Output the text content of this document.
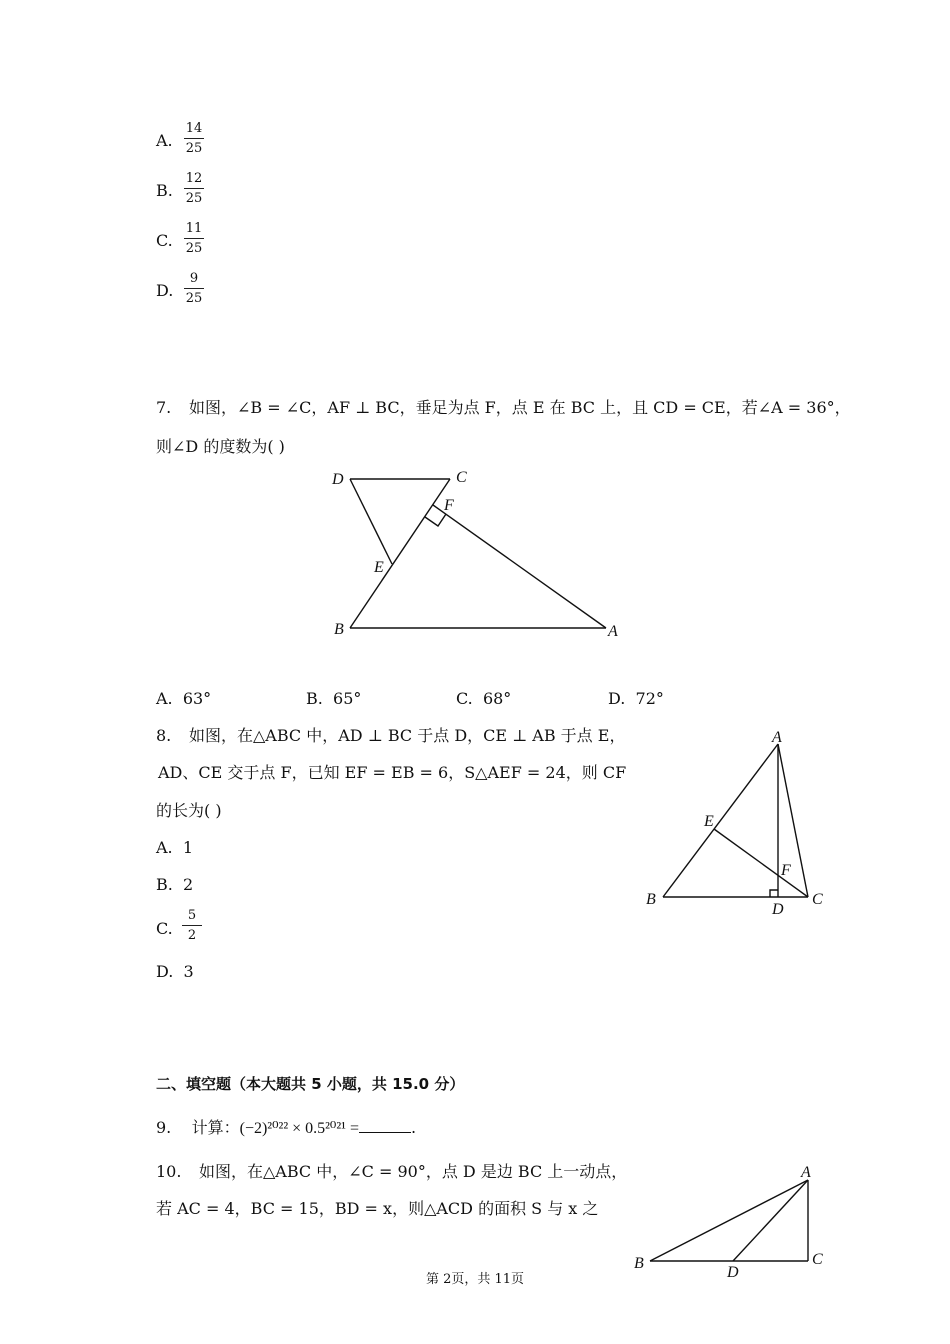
A.
14
25
B.
12
25
C.
11
25
D.
9
25
7. 如图，∠B = ∠C，AF ⊥ BC，垂足为点 F，点 E 在 BC 上，且 CD = CE，若∠A = 36°，
则∠D 的度数为( )
D	C
F
E
B	A
A. 63°	B. 65°	C. 68°	D. 72°
8. 如图，在△ABC 中，AD ⊥ BC 于点 D，CE ⊥ AB 于点 E，
AD、CE 交于点 F，已知 EF = EB = 6，S△AEF = 24，则 CF
的长为( )
A. 1
B. 2
C.
5
2
D. 3
A
E
F
B
D
C
二、填空题（本大题共 5 小题，共 15.0 分）
9. 计算：(−2)²⁰²² × 0.5²⁰²¹ =	.
10. 如图，在△ABC 中，∠C = 90°，点 D 是边 BC 上一动点，
若 AC = 4，BC = 15，BD = x，则△ACD 的面积 S 与 x 之
A
B
D
C
第 2页，共 11页
